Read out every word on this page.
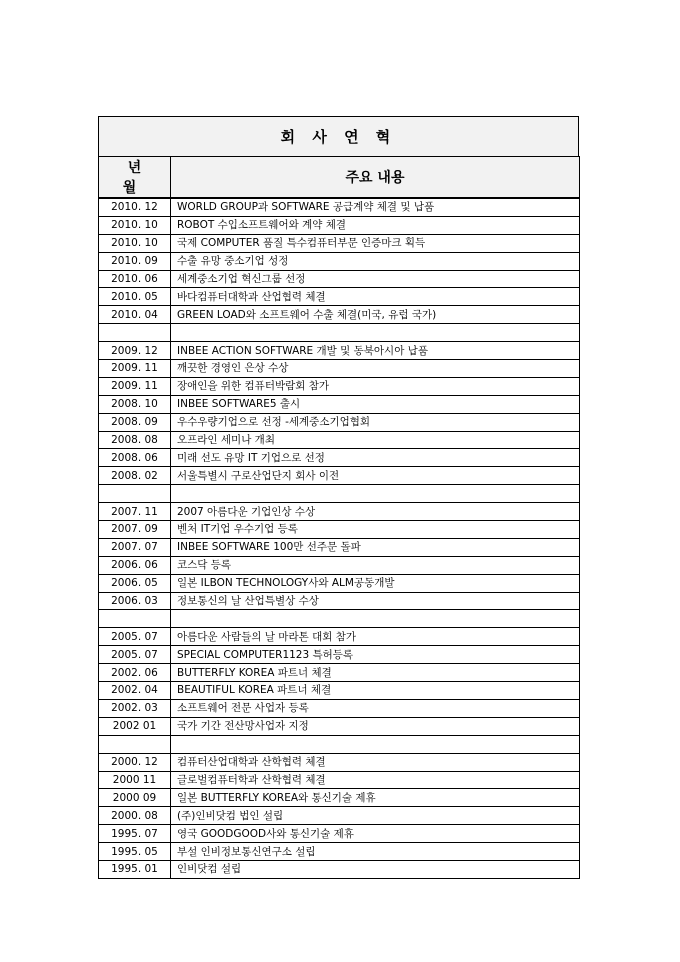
회 사 연 혁
년 월	주요 내용
2010. 12	WORLD GROUP과 SOFTWARE 공급계약 체결 및 납품
2010. 10	ROBOT 수입소프트웨어와 계약 체결
2010. 10	국제 COMPUTER 품질 특수컴퓨터부문 인증마크 획득
2010. 09	수출 유망 중소기업 성정
2010. 06	세계중소기업 혁신그룹 선정
2010. 05	바다컴퓨터대학과 산업협력 체결
2010. 04	GREEN LOAD와 소프트웨어 수출 체결(미국, 유럽 국가)

2009. 12	INBEE ACTION SOFTWARE 개발 및 동북아시아 납품
2009. 11	깨끗한 경영인 은상 수상
2009. 11	장애인을 위한 컴퓨터박람회 참가
2008. 10	INBEE SOFTWARE5 출시
2008. 09	우수우량기업으로 선정 -세계중소기업협회
2008. 08	오프라인 세미나 개최
2008. 06	미래 선도 유망 IT 기업으로 선정
2008. 02	서울특별시 구로산업단지 회사 이전

2007. 11	2007 아름다운 기업인상 수상
2007. 09	벤처 IT기업 우수기업 등록
2007. 07	INBEE SOFTWARE 100만 선주문 돌파
2006. 06	코스닥 등록
2006. 05	일본 ILBON TECHNOLOGY사와 ALM공동개발
2006. 03	정보통신의 날 산업특별상 수상

2005. 07	아름다운 사람들의 날 마라톤 대회 참가
2005. 07	SPECIAL COMPUTER1123 특허등록
2002. 06	BUTTERFLY KOREA 파트너 체결
2002. 04	BEAUTIFUL KOREA 파트너 체결
2002. 03	소프트웨어 전문 사업자 등록
2002 01	국가 기간 전산망사업자 지정

2000. 12	컴퓨터산업대학과 산학협력 체결
2000 11	글로벌컴퓨터학과 산학협력 체결
2000 09	일본 BUTTERFLY KOREA와 통신기술 제휴
2000. 08	(주)인비닷컴 법인 설립
1995. 07	영국 GOODGOOD사와 통신기술 제휴
1995. 05	부설 인비정보통신연구소 설립
1995. 01	인비닷컴 설립
